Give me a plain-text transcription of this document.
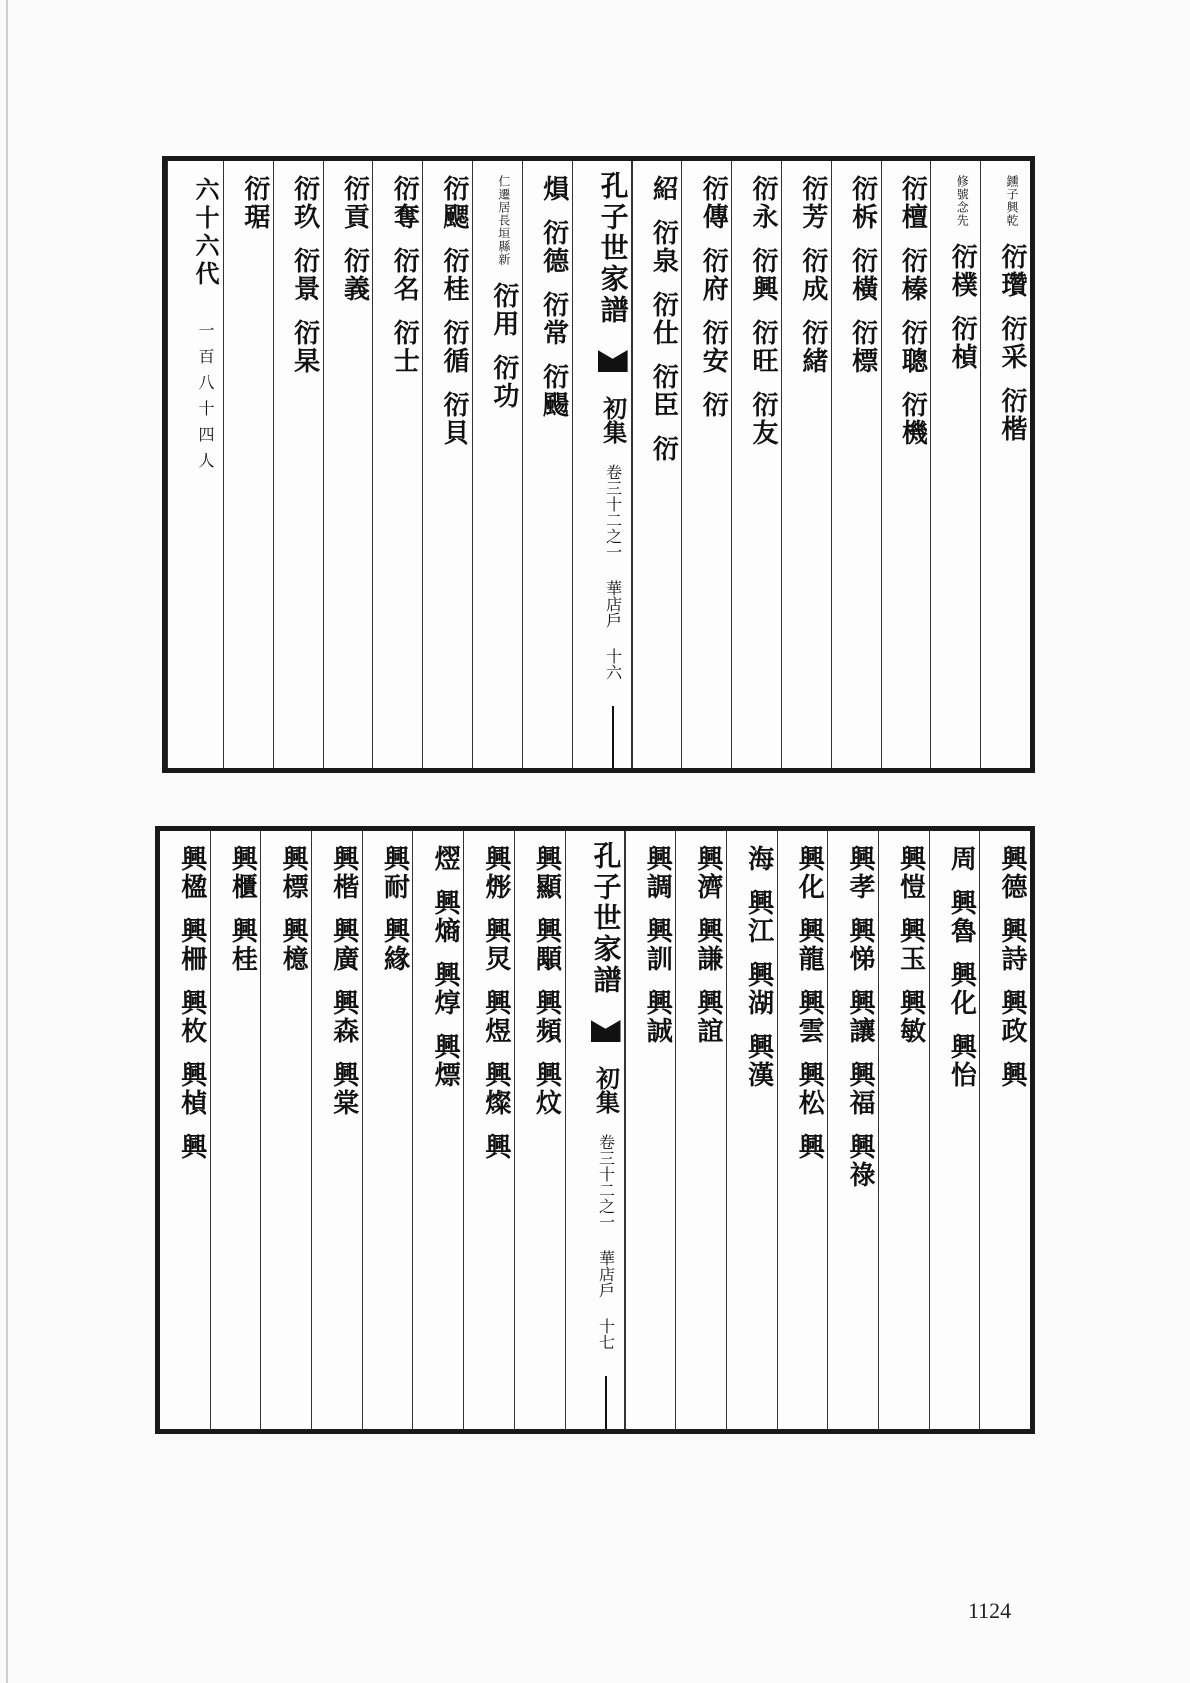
鑂子興乾 衍瓚 衍采 衍楷
修號念先 衍樸 衍楨
衍檀 衍榛 衍聰 衍機
衍柝 衍橫 衍標
衍芳 衍成 衍緒
衍永 衍興 衍旺 衍友
衍傳 衍府 衍安 衍
紹 衍泉 衍仕 衍臣 衍
孔子世家譜  初集 卷三十二之一 華店戶 十六
熉 衍德 衍常 衍颺
仁遷居長垣縣新 衍用 衍功
衍颸 衍桂 衍循 衍貝
衍奪 衍名 衍士
衍貢 衍義
衍玖 衍景 衍杲
衍琚
六十六代 一百八十四人
興德 興詩 興政 興
周 興魯 興化 興怡
興愷 興玉 興敏
興孝 興悌 興讓 興福 興祿
興化 興龍 興雲 興松 興
海 興江 興湖 興漢
興濟 興謙 興誼
興調 興訓 興誠
孔子世家譜  初集 卷三十二之一 華店戶 十七
興顯 興顒 興頻 興炆
興烿 興炅 興煜 興燦 興
熤 興熵 興焞 興熛
興耐 興緣
興楷 興廣 興森 興棠
興標 興檍
興櫃 興桂
興楹 興柵 興枚 興楨 興
1124
